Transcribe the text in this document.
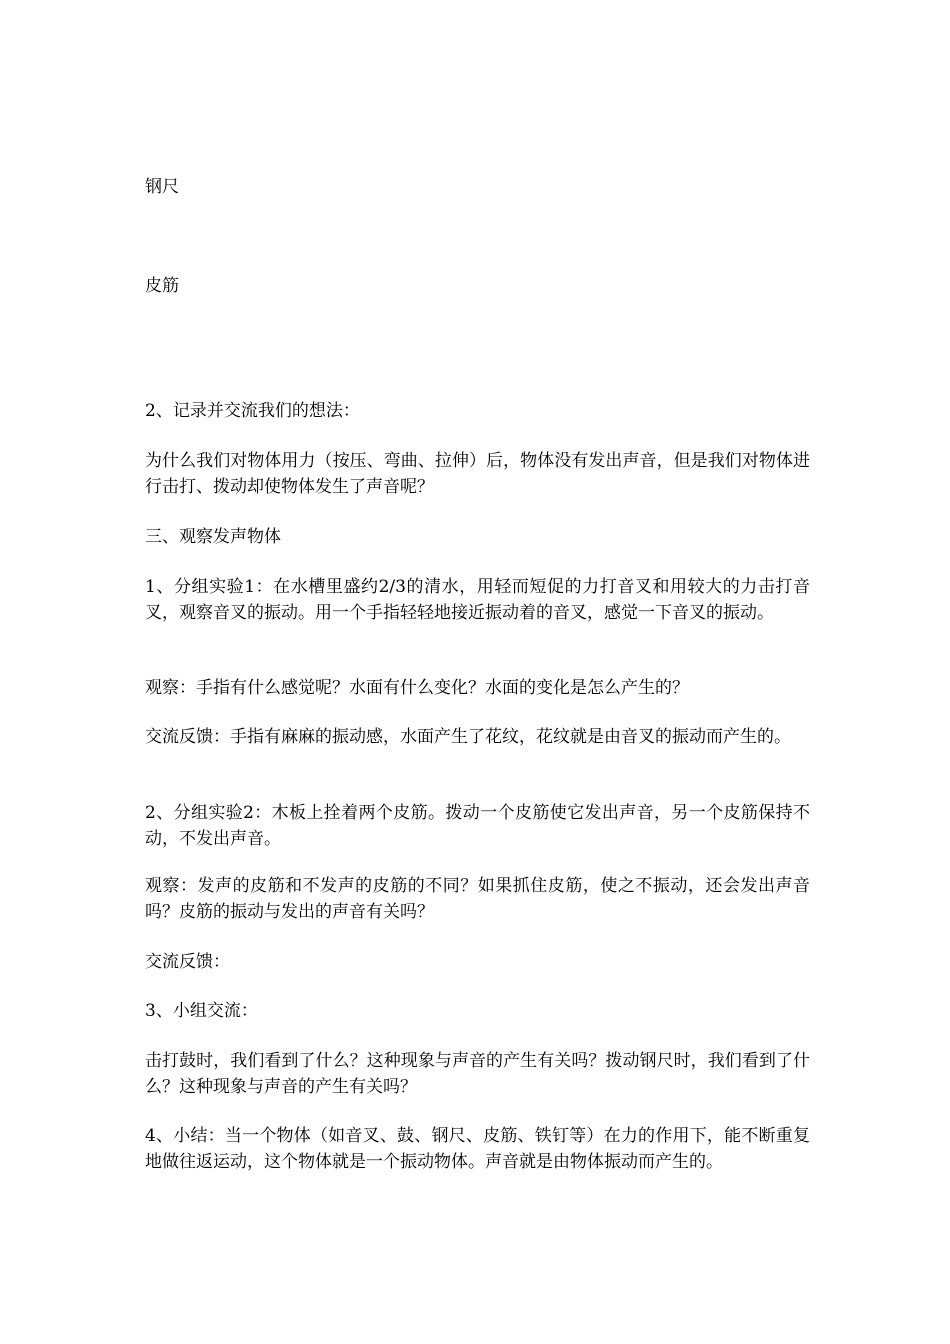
钢尺

皮筋

2、记录并交流我们的想法：

为什么我们对物体用力（按压、弯曲、拉伸）后，物体没有发出声音，但是我们对物体进行击打、拨动却使物体发生了声音呢？

三、观察发声物体

1、分组实验1：在水槽里盛约2/3的清水，用轻而短促的力打音叉和用较大的力击打音叉，观察音叉的振动。用一个手指轻轻地接近振动着的音叉，感觉一下音叉的振动。

观察：手指有什么感觉呢？水面有什么变化？水面的变化是怎么产生的？

交流反馈：手指有麻麻的振动感，水面产生了花纹，花纹就是由音叉的振动而产生的。

2、分组实验2：木板上拴着两个皮筋。拨动一个皮筋使它发出声音，另一个皮筋保持不动，不发出声音。

观察：发声的皮筋和不发声的皮筋的不同？如果抓住皮筋，使之不振动，还会发出声音吗？皮筋的振动与发出的声音有关吗？

交流反馈：

3、小组交流：

击打鼓时，我们看到了什么？这种现象与声音的产生有关吗？拨动钢尺时，我们看到了什么？这种现象与声音的产生有关吗？

4、小结：当一个物体（如音叉、鼓、钢尺、皮筋、铁钉等）在力的作用下，能不断重复地做往返运动，这个物体就是一个振动物体。声音就是由物体振动而产生的。
